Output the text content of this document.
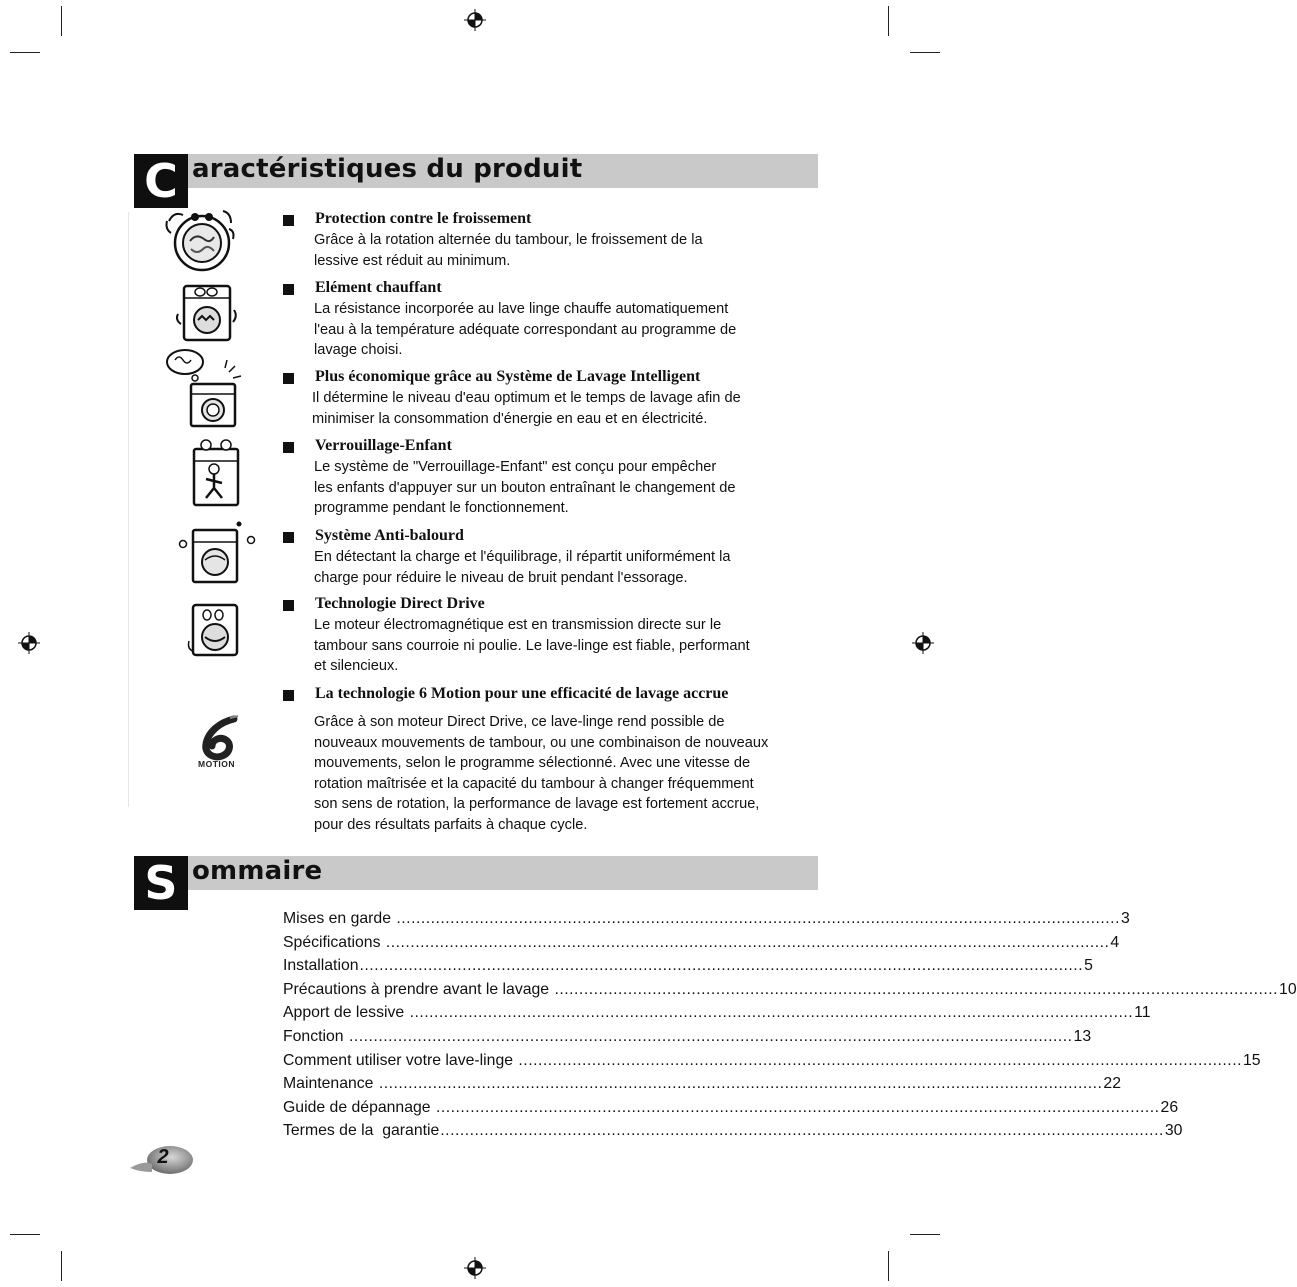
C aractéristiques du produit
MOTION
Protection contre le froissement
Grâce à la rotation alternée du tambour, le froissement de la
lessive est réduit au minimum.
Elément chauffant
La résistance incorporée au lave linge chauffe automatiquement
l'eau à la température adéquate correspondant au programme de
lavage choisi.
Plus économique grâce au Système de Lavage Intelligent
Il détermine le niveau d'eau optimum et le temps de lavage afin de
minimiser la consommation d'énergie en eau et en électricité.
Verrouillage-Enfant
Le système de "Verrouillage-Enfant" est conçu pour empêcher
les enfants d'appuyer sur un bouton entraînant le changement de
programme pendant le fonctionnement.
Système Anti-balourd
En détectant la charge et l'équilibrage, il répartit uniformément la
charge pour réduire le niveau de bruit pendant l'essorage.
Technologie Direct Drive
Le moteur électromagnétique est en transmission directe sur le
tambour sans courroie ni poulie. Le lave-linge est fiable, performant
et silencieux.
La technologie 6 Motion pour une efficacité de lavage accrue
Grâce à son moteur Direct Drive, ce lave-linge rend possible de
nouveaux mouvements de tambour, ou une combinaison de nouveaux
mouvements, selon le programme sélectionné. Avec une vitesse de
rotation maîtrisée et la capacité du tambour à changer fréquemment
son sens de rotation, la performance de lavage est fortement accrue,
pour des résultats parfaits à chaque cycle.
S ommaire
Mises en garde .................................................................................................................................................... 3
Spécifications .................................................................................................................................................... 4
Installation .................................................................................................................................................... 5
Précautions à prendre avant le lavage .................................................................................................................................................... 10
Apport de lessive .................................................................................................................................................... 11
Fonction .................................................................................................................................................... 13
Comment utiliser votre lave-linge .................................................................................................................................................... 15
Maintenance .................................................................................................................................................... 22
Guide de dépannage .................................................................................................................................................... 26
Termes de la  garantie .................................................................................................................................................... 30
2
